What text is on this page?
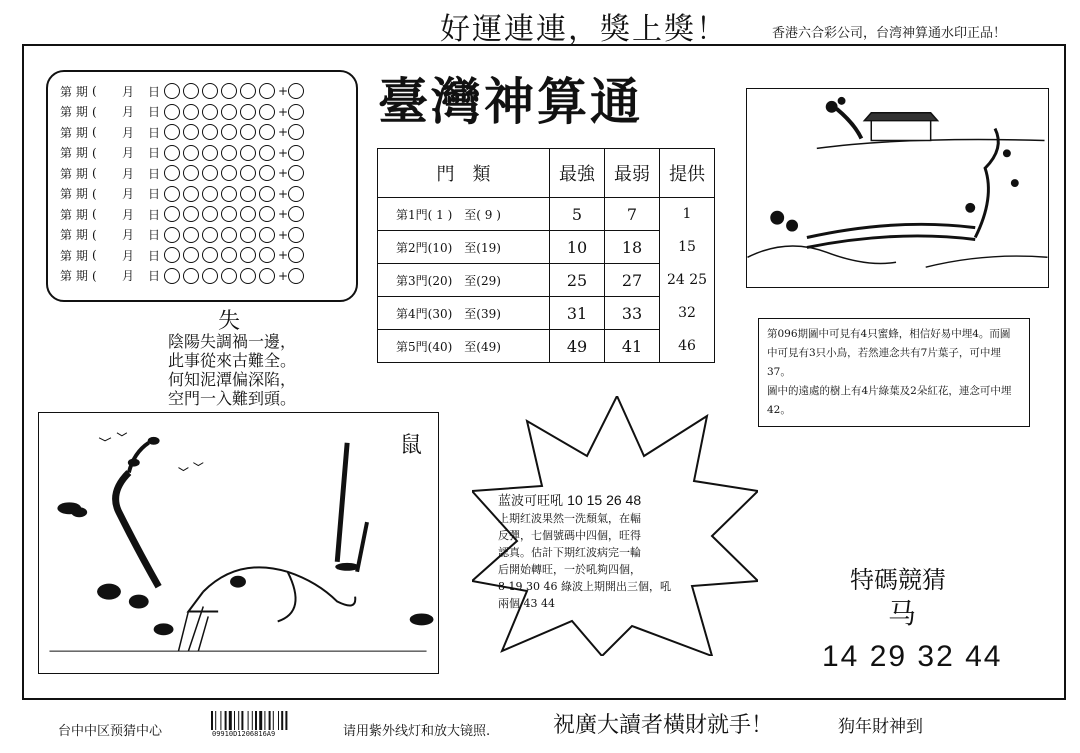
好運連連，獎上獎！	香港六合彩公司，台湾神算通水印正品！
第 期 (	月	日	+
第 期 (	月	日	+
第 期 (	月	日	+
第 期 (	月	日	+
第 期 (	月	日	+
第 期 (	月	日	+
第 期 (	月	日	+
第 期 (	月	日	+
第 期 (	月	日	+
第 期 (	月	日	+
臺灣神算通
門　類	最強	最弱	提供
第1門( 1 )　至( 9 )	5	7	1
第2門(10)　至(19)	10	18	15
第3門(20)　至(29)	25	27	24 25
第4門(30)　至(39)	31	33	32
第5門(40)　至(49)	49	41	46
失
陰陽失調禍一邊，
此事從來古難全。
何知泥潭偏深陷，
空門一入難到頭。
第096期圖中可見有4只蜜蜂，相信好易中埋4。而圖
中可見有3只小鳥，若然連念共有7片葉子，可中埋37。
圖中的遠處的樹上有4片綠葉及2朵紅花，連念可中埋42。
鼠
蓝波可旺吼 10 15 26 48
上期红波果然一洗頹氣，在輻
反彈，七個號碼中四個，旺得
認真。估計下期红波病完一輪
后開始轉旺，一於吼夠四個，
8 19 30 46 綠波上期開出三個，吼
兩個 43 44
特碼競猜
马
14 29 32 44
台中中区预猜中心	09910D1206816A9	请用紫外线灯和放大镜照.	祝廣大讀者橫財就手！	狗年財神到
